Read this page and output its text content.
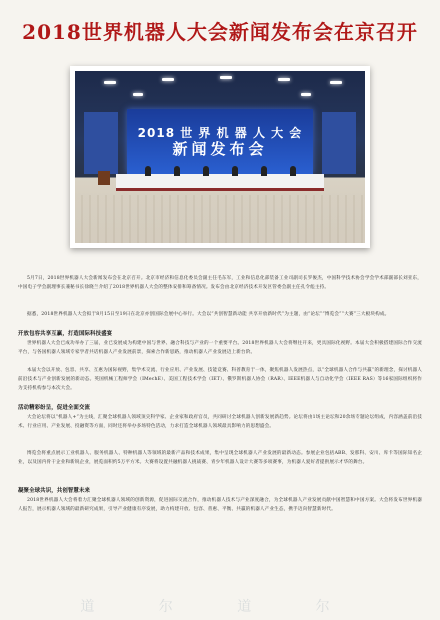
2018世界机器人大会新闻发布会在京召开
2018 世 界 机 器 人 大 会
新闻发布会

5月7日，2018世界机器人大会新闻发布会在北京召开。北京市经济和信息化委员会副主任毛东军，工业和信息化部装备工业司副司长罗俊杰，中国科学技术协会学会学术部副部长刘亚东，中国电子学会副理事长兼秘书长徐晓兰介绍了2018世界机器人大会的整体安排和筹备情况。发布会由北京经济技术开发区管委会副主任孔令彪主持。

据悉，2018世界机器人大会拟于8月15日至19日在北京亦创国际会展中心举行。大会以“共创智慧新动能 共享开放新时代”为主题，由“论坛”“博览会”“大赛”三大板块构成。

开放包容共享互赢，打造国际科技盛宴

世界机器人大会已成功举办了三届，业已发展成为构建中国与世界、融合科技与产业的一个重要平台。2018世界机器人大会将继往开来，更具国际化视野。本届大会积极搭建国际合作交流平台，与各国机器人领域专家学者共话机器人产业发展前景，探索合作新思路，推动机器人产业发展迈上新台阶。

本届大会以开放、包容、共享、互惠为国际视野，集学术交流、行业应用、产业发展、技能竞赛、科普教育于一体，聚焦机器人发展热点，以“全球机器人合作与共赢”的新理念，探讨机器人前沿技术与产业创新发展的新动态。英国机械工程师学会（IMechE）、美国工程技术学会（IET）、俄罗斯机器人协会（RAR）、IEEE机器人与自动化学会（IEEE RAS）等16家国际组织将作为支持机构参与本次大会。

活动精彩纷呈，促进全面交流

大会论坛将以“机器人+”为主线，汇聚全球机器人领域顶尖科学家、企业家和政府官员，共同研讨全球机器人创新发展新趋势。论坛将由1场主论坛和20余场专题论坛组成，内容涵盖前沿技术、行业应用、产业发展、投融资等方面，同时还将举办多场特色活动，力求打造全球机器人领域最具影响力的思想盛会。

博览会将重点展示工业机器人、服务机器人、特种机器人等领域的最新产品和技术成果，集中呈现全球机器人产业发展的最新动态。参展企业包括ABB、发那科、安川、库卡等国际知名企业，以及国内骨干企业和新锐企业，展览面积约5万平方米。大赛将设置共融机器人挑战赛、青少年机器人设计大赛等多项赛事，为机器人爱好者提供展示才华的舞台。

凝聚全球共识，共创智慧未来

2018世界机器人大会将着力汇聚全球机器人领域的创新资源，促进国际交流合作，推动机器人技术与产业深度融合，为全球机器人产业发展贡献中国智慧和中国方案。大会将发布世界机器人报告，展示机器人领域的最新研究成果，引导产业健康有序发展，助力构建开放、包容、普惠、平衡、共赢的机器人产业生态，携手迈向智慧新时代。

道 尔 道 尔
